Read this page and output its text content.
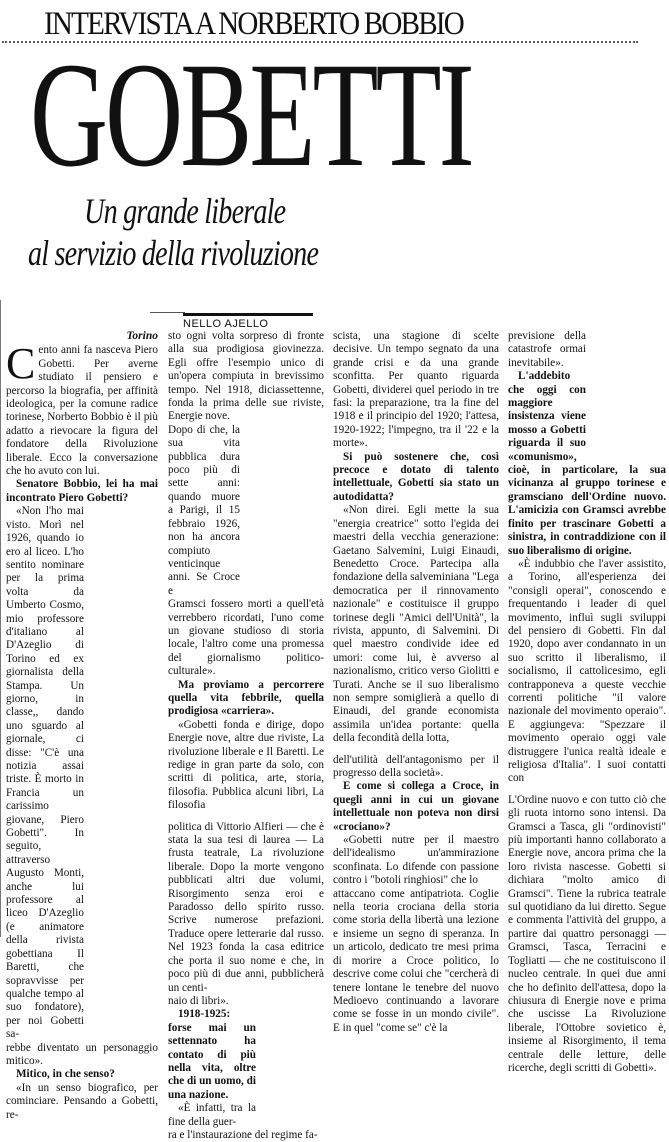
INTERVISTA A NORBERTO BOBBIO
GOBETTI
Un grande liberale
al servizio della rivoluzione
NELLO AJELLO
Torino

Cento anni fa nasceva Piero Gobetti. Per averne studiato il pensiero e percorso la biografia, per affinità ideologica, per la comune radice torinese, Norberto Bobbio è il più adatto a rievocare la figura del fondatore della Rivoluzione liberale. Ecco la conversazione che ho avuto con lui.

Senatore Bobbio, lei ha mai incontrato Piero Gobetti?

«Non l'ho mai visto. Morì nel 1926, quando io ero al liceo. L'ho sentito nominare per la prima volta da Umberto Cosmo, mio professore d'italiano al D'Azeglio di Torino ed ex giornalista della Stampa. Un giorno, in classe,, dando uno sguardo al giornale, ci disse: "C'è una notizia assai triste. È morto in Francia un carissimo giovane, Piero Gobetti". In seguito, attraverso Augusto Monti, anche lui professore al liceo D'Azeglio (e animatore della rivista gobettiana Il Baretti, che sopravvisse per qualche tempo al suo fondatore), per noi Gobetti sa-

rebbe diventato un personaggio mitico».

Mitico, in che senso?

«In un senso biografico, per cominciare. Pensando a Gobetti, re-

sto ogni volta sorpreso di fronte alla sua prodigiosa giovinezza. Egli offre l'esempio unico di un'opera compiuta in brevissimo tempo. Nel 1918, diciassettenne, fonda la prima delle sue riviste, Energie nove.

Dopo di che, la sua vita pubblica dura poco più di sette anni: quando muore a Parigi, il 15 febbraio 1926, non ha ancora compiuto venticinque anni. Se Croce e

Gramsci fossero morti a quell'età verrebbero ricordati, l'uno come un giovane studioso di storia locale, l'altro come una promessa del giornalismo politico-culturale».

Ma proviamo a percorrere quella vita febbrile, quella prodigiosa «carriera».

«Gobetti fonda e dirige, dopo Energie nove, altre due riviste, La rivoluzione liberale e Il Baretti. Le redige in gran parte da solo, con scritti di politica, arte, storia, filosofia. Pubblica alcuni libri, La filosofia

politica di Vittorio Alfieri — che è stata la sua tesi di laurea — La frusta teatrale, La rivoluzione liberale. Dopo la morte vengono pubblicati altri due volumi, Risorgimento senza eroi e Paradosso dello spirito russo. Scrive numerose prefazioni. Traduce opere letterarie dal russo. Nel 1923 fonda la casa editrice che porta il suo nome e che, in poco più di due anni, pubblicherà un centi-

naio di libri».

1918-1925: forse mai un settennato ha contato di più nella vita, oltre che di un uomo, di una nazione.

«È infatti, tra la fine della guer-

ra e l'instaurazione del regime fa-

scista, una stagione di scelte decisive. Un tempo segnato da una grande crisi e da una grande sconfitta. Per quanto riguarda Gobetti, dividerei quel periodo in tre fasi: la preparazione, tra la fine del 1918 e il principio del 1920; l'attesa, 1920-1922; l'impegno, tra il '22 e la morte».

Si può sostenere che, così precoce e dotato di talento intellettuale, Gobetti sia stato un autodidatta?

«Non direi. Egli mette la sua "energia creatrice" sotto l'egida dei maestri della vecchia generazione: Gaetano Salvemini, Luigi Einaudi, Benedetto Croce. Partecipa alla fondazione della salveminiana "Lega democratica per il rinnovamento nazionale" e costituisce il gruppo torinese degli "Amici dell'Unità", la rivista, appunto, di Salvemini. Di quel maestro condivide idee ed umori: come lui, è avverso al nazionalismo, critico verso Giolitti e Turati. Anche se il suo liberalismo non sempre somiglierà a quello di Einaudi, del grande economista assimila un'idea portante: quella della fecondità della lotta,

dell'utilità dell'antagonismo per il progresso della società».

E come si collega a Croce, in quegli anni in cui un giovane intellettuale non poteva non dirsi «crociano»?

«Gobetti nutre per il maestro dell'idealismo un'ammirazione sconfinata. Lo difende con passione contro i "botoli ringhiosi" che lo

attaccano come antipatriota. Coglie nella teoria crociana della storia come storia della libertà una lezione e insieme un segno di speranza. In un articolo, dedicato tre mesi prima di morire a Croce politico, lo descrive come colui che "cercherà di tenere lontane le tenebre del nuovo Medioevo continuando a lavorare come se fosse in un mondo civile". E in quel "come se" c'è la

previsione della catastrofe ormai inevitabile».

L'addebito che oggi con maggiore insistenza viene mosso a Gobetti riguarda il suo «comunismo»,

cioè, in particolare, la sua vicinanza al gruppo torinese e gramsciano dell'Ordine nuovo. L'amicizia con Gramsci avrebbe finito per trascinare Gobetti a sinistra, in contraddizione con il suo liberalismo di origine.

«È indubbio che l'aver assistito, a Torino, all'esperienza dei "consigli operai", conoscendo e frequentando i leader di quel movimento, influì sugli sviluppi del pensiero di Gobetti. Fin dal 1920, dopo aver condannato in un suo scritto il liberalismo, il socialismo, il cattolicesimo, egli contrapponeva a queste vecchie correnti politiche "il valore nazionale del movimento operaio". E aggiungeva: "Spezzare il movimento operaio oggi vale distruggere l'unica realtà ideale e religiosa d'Italia". I suoi contatti con

L'Ordine nuovo e con tutto ciò che gli ruota intorno sono intensi. Da Gramsci a Tasca, gli "ordinovisti" più importanti hanno collaborato a Energie nove, ancora prima che la loro rivista nascesse. Gobetti si dichiara "molto amico di Gramsci". Tiene la rubrica teatrale sul quotidiano da lui diretto. Segue e commenta l'attività del gruppo, a partire dai quattro personaggi — Gramsci, Tasca, Terracini e Togliatti — che ne costituiscono il nucleo centrale. In quei due anni che ho definito dell'attesa, dopo la chiusura di Energie nove e prima che uscisse La Rivoluzione liberale, l'Ottobre sovietico è, insieme al Risorgimento, il tema centrale delle letture, delle ricerche, degli scritti di Gobetti».
